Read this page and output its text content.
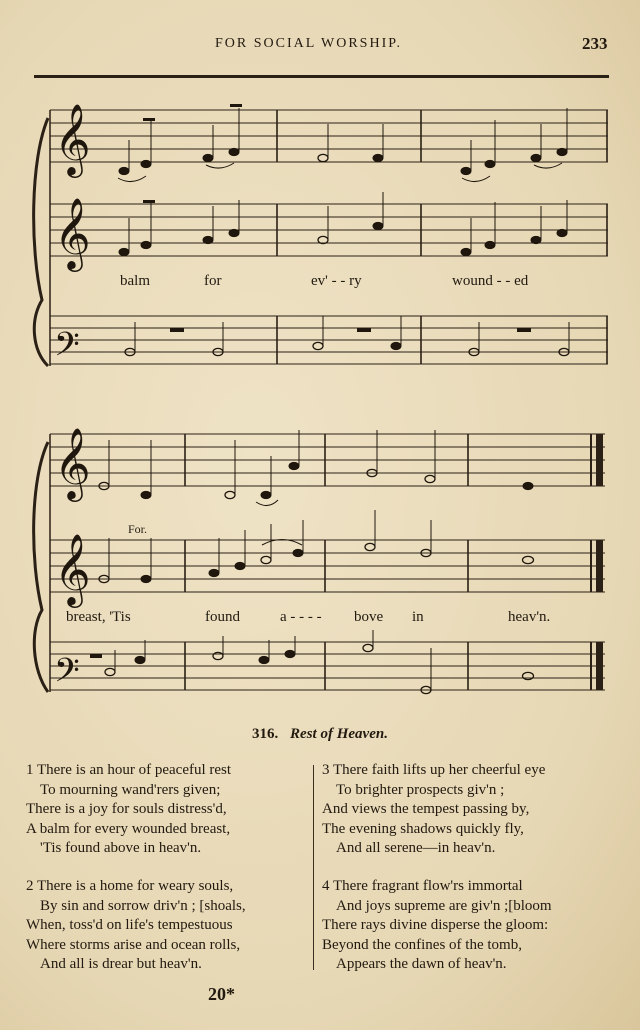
FOR SOCIAL WORSHIP.	233
𝄞
𝄞
𝄢
𝄞
𝄞
𝄢
balm	for	ev' - - ry	wound - - ed
For.
breast, 'Tis	found	a - - - - bove in	heav'n.
316. Rest of Heaven.
1 There is an hour of peaceful rest
To mourning wand'rers given;
There is a joy for souls distress'd,
A balm for every wounded breast,
'Tis found above in heav'n.
2 There is a home for weary souls,
By sin and sorrow driv'n ; [shoals,
When, toss'd on life's tempestuous
Where storms arise and ocean rolls,
And all is drear but heav'n.
3 There faith lifts up her cheerful eye
To brighter prospects giv'n ;
And views the tempest passing by,
The evening shadows quickly fly,
And all serene—in heav'n.
4 There fragrant flow'rs immortal
And joys supreme are giv'n ;[bloom
There rays divine disperse the gloom:
Beyond the confines of the tomb,
Appears the dawn of heav'n.
20*
